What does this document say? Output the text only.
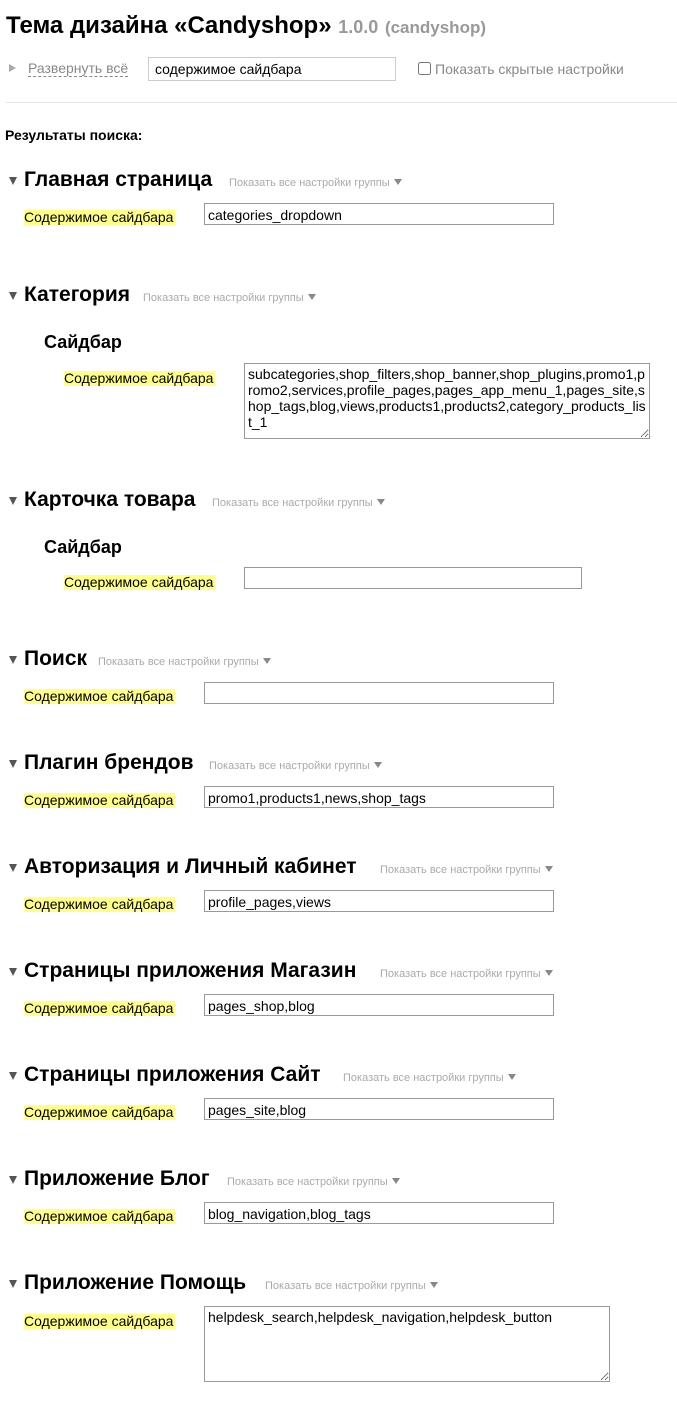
Тема дизайна «Candyshop» 1.0.0 (candyshop)
Развернуть всё
содержимое сайдбара	Показать скрытые настройки
Результаты поиска:
Главная страница Показать все настройки группы
Содержимое сайдбара
categories_dropdown
Категория Показать все настройки группы
Сайдбар
Содержимое сайдбара
subcategories,shop_filters,shop_banner,shop_plugins,promo1,promo2,services,profile_pages,pages_app_menu_1,pages_site,shop_tags,blog,views,products1,products2,category_products_list_1
Карточка товара Показать все настройки группы
Сайдбар
Содержимое сайдбара
Поиск Показать все настройки группы
Содержимое сайдбара
Плагин брендов Показать все настройки группы
Содержимое сайдбара
promo1,products1,news,shop_tags
Авторизация и Личный кабинет Показать все настройки группы
Содержимое сайдбара
profile_pages,views
Страницы приложения Магазин Показать все настройки группы
Содержимое сайдбара
pages_shop,blog
Страницы приложения Сайт Показать все настройки группы
Содержимое сайдбара
pages_site,blog
Приложение Блог Показать все настройки группы
Содержимое сайдбара
blog_navigation,blog_tags
Приложение Помощь Показать все настройки группы
Содержимое сайдбара
helpdesk_search,helpdesk_navigation,helpdesk_button
